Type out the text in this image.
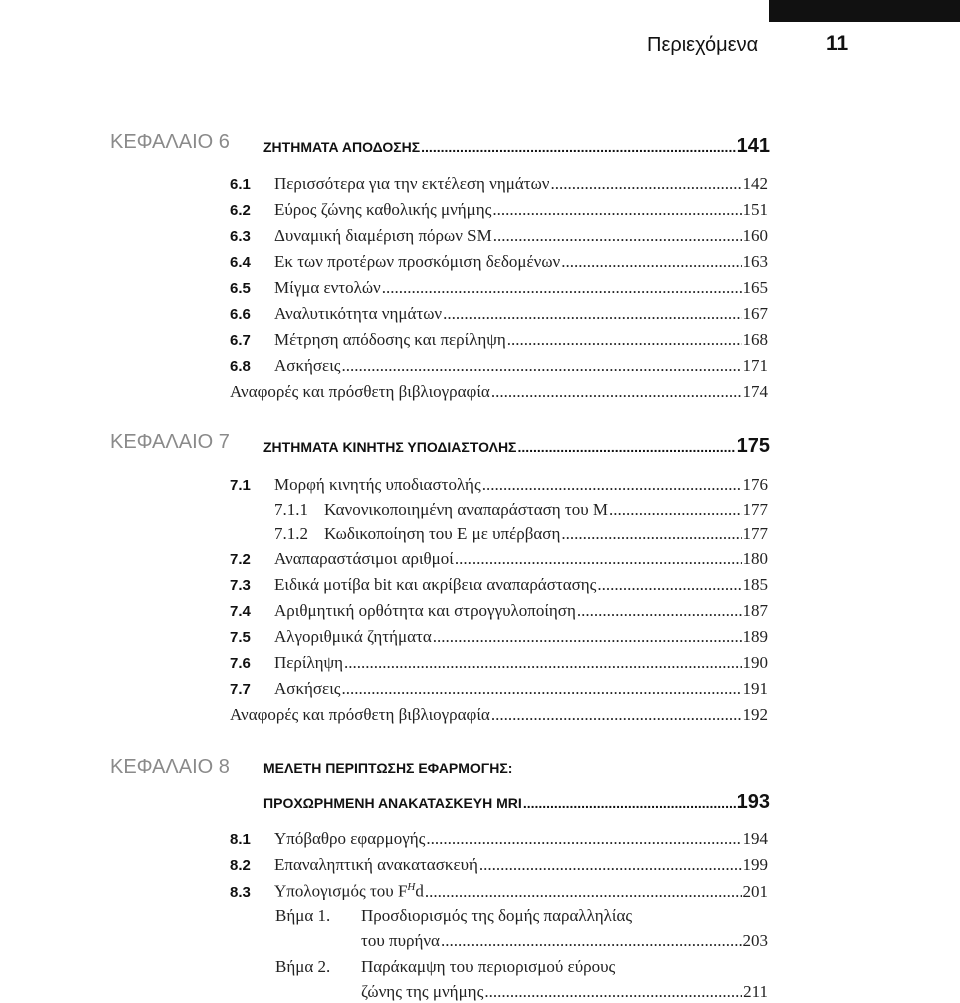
Περιεχόμενα	11
ΚΕΦΑΛΑΙΟ 6 ΖΗΤΗΜΑΤΑ ΑΠΟΔΟΣΗΣ .....	141
6.1	Περισσότερα για την εκτέλεση νημάτων .....	142
6.2	Εύρος ζώνης καθολικής μνήμης .....	151
6.3	Δυναμική διαμέριση πόρων SM .....	160
6.4	Εκ των προτέρων προσκόμιση δεδομένων .....	163
6.5	Μίγμα εντολών .....	165
6.6	Αναλυτικότητα νημάτων .....	167
6.7	Μέτρηση απόδοσης και περίληψη .....	168
6.8	Ασκήσεις .....	171
Αναφορές και πρόσθετη βιβλιογραφία .....	174
ΚΕΦΑΛΑΙΟ 7 ΖΗΤΗΜΑΤΑ ΚΙΝΗΤΗΣ ΥΠΟΔΙΑΣΤΟΛΗΣ .....	175
7.1	Μορφή κινητής υποδιαστολής .....	176
7.1.1 Κανονικοποιημένη αναπαράσταση του M .....	177
7.1.2 Κωδικοποίηση του E με υπέρβαση .....	177
7.2	Αναπαραστάσιμοι αριθμοί .....	180
7.3	Ειδικά μοτίβα bit και ακρίβεια αναπαράστασης .....	185
7.4	Αριθμητική ορθότητα και στρογγυλοποίηση .....	187
7.5	Αλγοριθμικά ζητήματα .....	189
7.6	Περίληψη .....	190
7.7	Ασκήσεις .....	191
Αναφορές και πρόσθετη βιβλιογραφία .....	192
ΚΕΦΑΛΑΙΟ 8 ΜΕΛΕΤΗ ΠΕΡΙΠΤΩΣΗΣ ΕΦΑΡΜΟΓΗΣ:
ΠΡΟΧΩΡΗΜΕΝΗ ΑΝΑΚΑΤΑΣΚΕΥΗ MRI .....	193
8.1	Υπόβαθρο εφαρμογής .....	194
8.2	Επαναληπτική ανακατασκευή .....	199
8.3	Υπολογισμός του $F^Hd$ .....	201
Βήμα 1. Προσδιορισμός της δομής παραλληλίας
του πυρήνα .....	203
Βήμα 2. Παράκαμψη του περιορισμού εύρους
ζώνης της μνήμης .....	211
